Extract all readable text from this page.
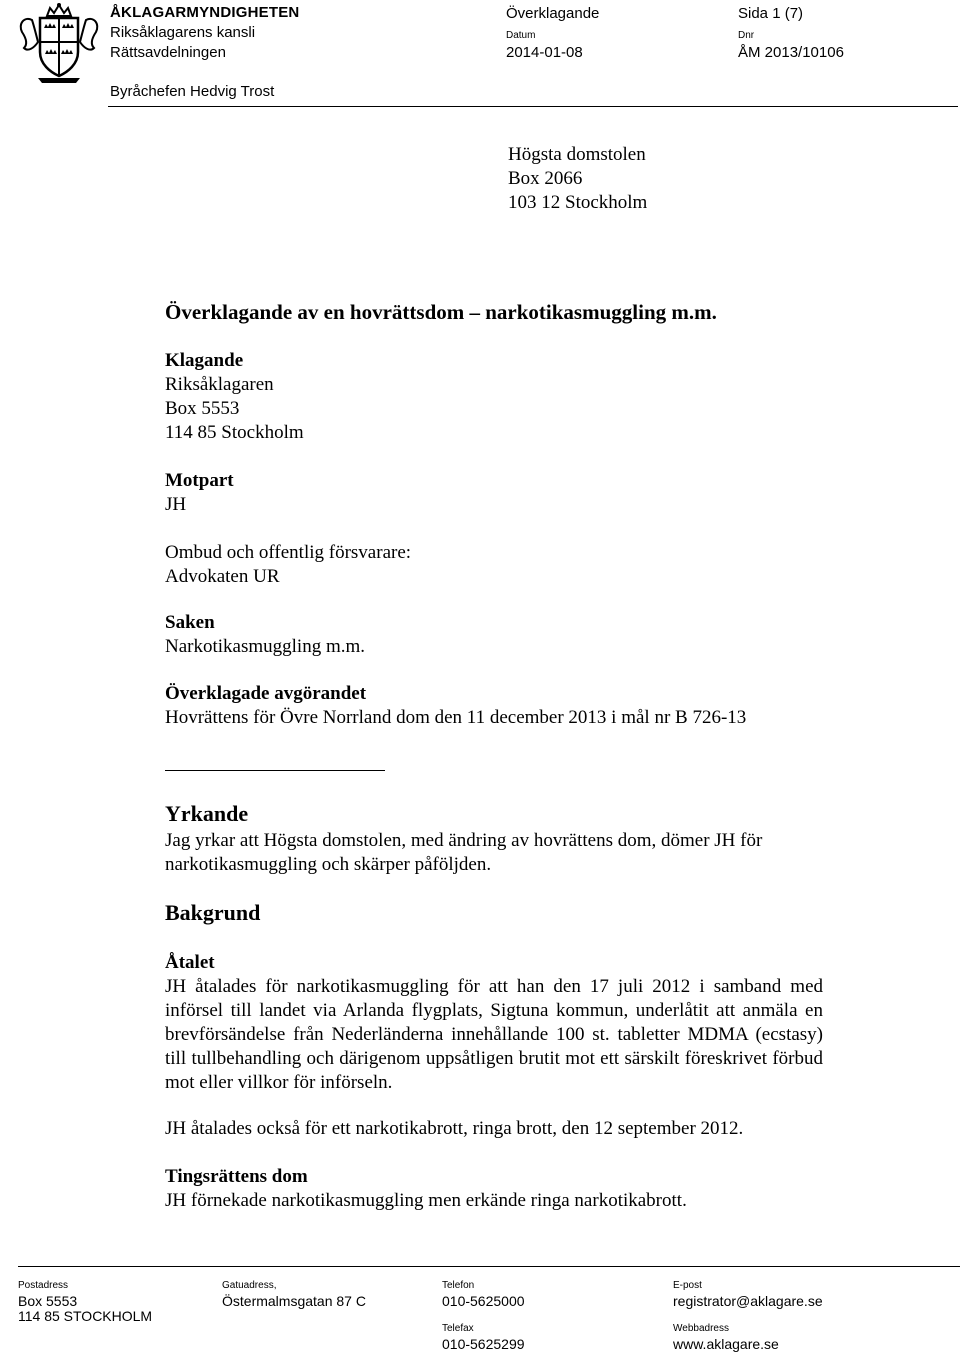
ÅKLAGARMYNDIGHETEN
Riksåklagarens kansli
Rättsavdelningen
Byråchefen Hedvig Trost
Överklagande
Datum
2014-01-08
Sida 1 (7)
Dnr
ÅM 2013/10106
Högsta domstolen
Box 2066
103 12 Stockholm
Överklagande av en hovrättsdom – narkotikasmuggling m.m.
Klagande
Riksåklagaren
Box 5553
114 85 Stockholm
Motpart
JH
Ombud och offentlig försvarare:
Advokaten UR
Saken
Narkotikasmuggling m.m.
Överklagade avgörandet
Hovrättens för Övre Norrland dom den 11 december 2013 i mål nr B 726-13
Yrkande
Jag yrkar att Högsta domstolen, med ändring av hovrättens dom, dömer JH för narkotikasmuggling och skärper påföljden.
Bakgrund
Åtalet
JH åtalades för narkotikasmuggling för att han den 17 juli 2012 i samband med införsel till landet via Arlanda flygplats, Sigtuna kommun, underlåtit att anmäla en brevförsändelse från Nederländerna innehållande 100 st. tabletter MDMA (ecstasy) till tullbehandling och därigenom uppsåtligen brutit mot ett särskilt föreskrivet förbud mot eller villkor för införseln.
JH åtalades också för ett narkotikabrott, ringa brott, den 12 september 2012.
Tingsrättens dom
JH förnekade narkotikasmuggling men erkände ringa narkotikabrott.
Postadress
Box 5553
114 85 STOCKHOLM
Gatuadress,
Östermalmsgatan 87 C
Telefon
010-5625000
Telefax
010-5625299
E-post
registrator@aklagare.se
Webbadress
www.aklagare.se
